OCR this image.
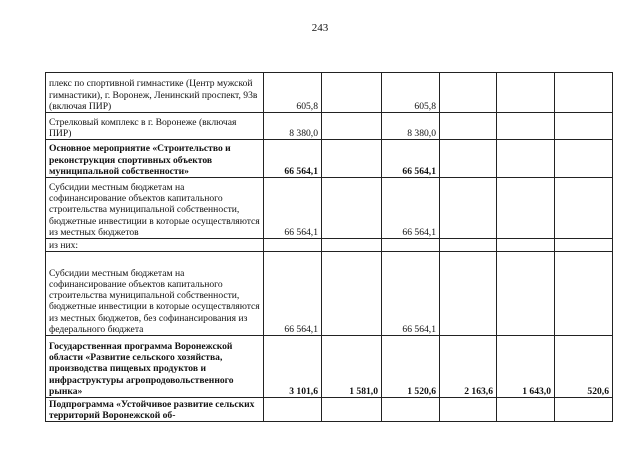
243
плекс по спортивной гимнастике (Центр мужской гимнастики), г. Воронеж, Ленинский проспект, 93в (включая ПИР)	605,8		605,8			
Стрелковый комплекс в г. Воронеже (включая ПИР)	8 380,0		8 380,0			
Основное мероприятие «Строительство и реконструкция спортивных объектов муниципальной собственности»	66 564,1		66 564,1			
Субсидии местным бюджетам на софинансирование объектов капитального строительства муниципальной собственности, бюджетные инвестиции в которые осуществляются из местных бюджетов	66 564,1		66 564,1			
из них:						
Субсидии местным бюджетам на софинансирование объектов капитального строительства муниципальной собственности, бюджетные инвестиции в которые осуществляются из местных бюджетов, без софинансирования из федерального бюджета	66 564,1		66 564,1			
Государственная программа Воронежской области «Развитие сельского хозяйства, производства пищевых продуктов и инфраструктуры агропродовольственного рынка»	3 101,6	1 581,0	1 520,6	2 163,6	1 643,0	520,6
Подпрограмма «Устойчивое развитие сельских территорий Воронежской об-						
